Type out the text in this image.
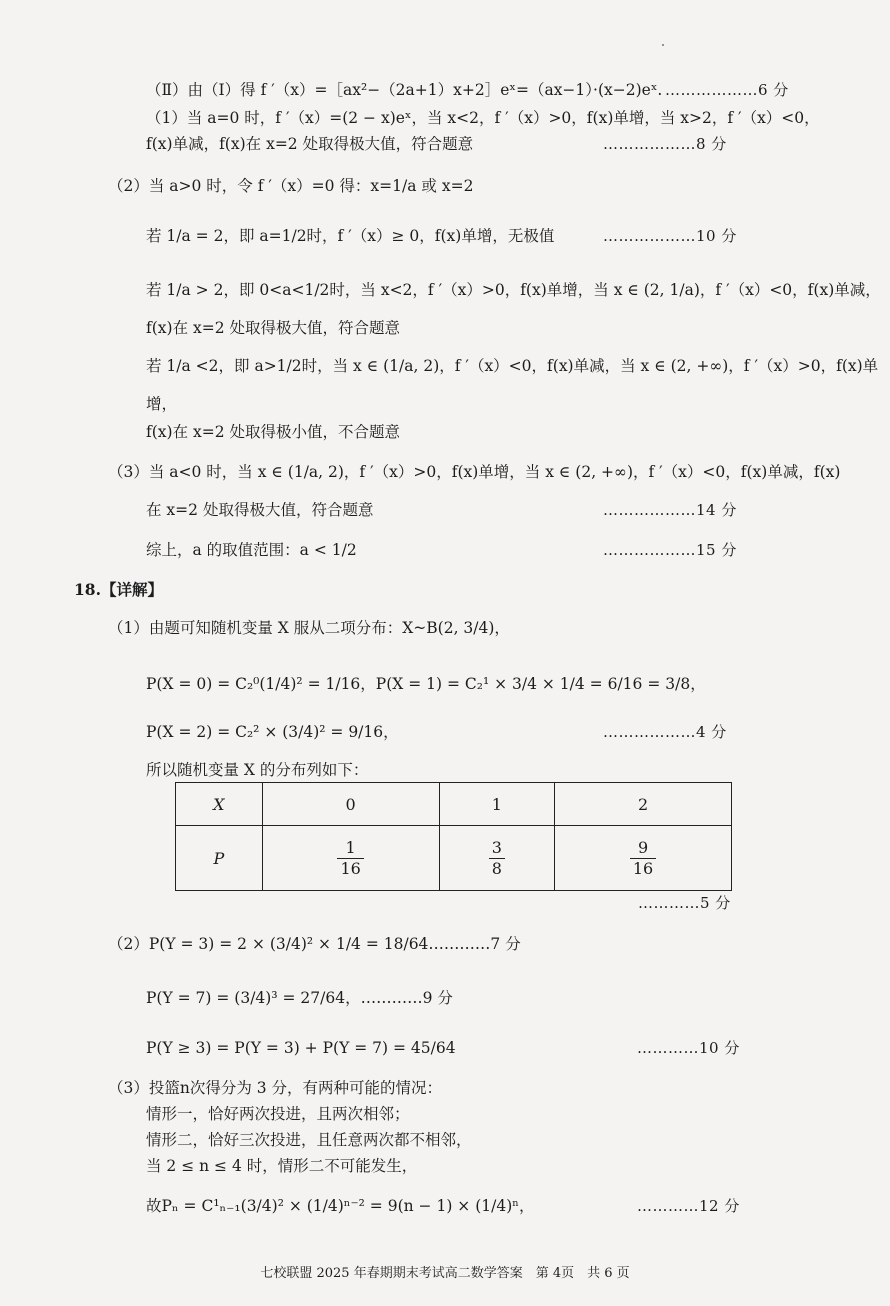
（Ⅱ）由（Ⅰ）得 f ′（x）=［ax²−（2a+1）x+2］eˣ=（ax−1）·(x−2)eˣ. ………………6 分
（1）当 a=0 时，f ′（x）=(2 − x)eˣ，当 x<2，f ′（x）>0，f(x)单增，当 x>2，f ′（x）<0，
f(x)单减，f(x)在 x=2 处取得极大值，符合题意	………………8 分
（2）当 a>0 时，令 f ′（x）=0 得：x=1/a 或 x=2
若 1/a = 2，即 a=1/2时，f ′（x）≥ 0，f(x)单增，无极值	………………10 分
若 1/a > 2，即 0<a<1/2时，当 x<2，f ′（x）>0，f(x)单增，当 x ∈ (2, 1/a)，f ′（x）<0，f(x)单减，
f(x)在 x=2 处取得极大值，符合题意
若 1/a <2，即 a>1/2时，当 x ∈ (1/a, 2)，f ′（x）<0，f(x)单减，当 x ∈ (2, +∞)，f ′（x）>0，f(x)单
增，
f(x)在 x=2 处取得极小值，不合题意
（3）当 a<0 时，当 x ∈ (1/a, 2)，f ′（x）>0，f(x)单增，当 x ∈ (2, +∞)，f ′（x）<0，f(x)单减，f(x)
在 x=2 处取得极大值，符合题意	………………14 分
综上，a 的取值范围：a < 1/2	………………15 分
18.【详解】
（1）由题可知随机变量 X 服从二项分布：X~B(2, 3/4)，
P(X = 0) = C₂⁰(1/4)² = 1/16，P(X = 1) = C₂¹ × 3/4 × 1/4 = 6/16 = 3/8，
P(X = 2) = C₂² × (3/4)² = 9/16，	………………4 分
所以随机变量 X 的分布列如下：
X	0	1	2
P	$\frac{1}{16}$	$\frac{3}{8}$	$\frac{9}{16}$
…………5 分
（2）P(Y = 3) = 2 × (3/4)² × 1/4 = 18/64…………7 分
P(Y = 7) = (3/4)³ = 27/64，…………9 分
P(Y ≥ 3) = P(Y = 3) + P(Y = 7) = 45/64	…………10 分
（3）投篮n次得分为 3 分，有两种可能的情况：
情形一，恰好两次投进，且两次相邻；
情形二，恰好三次投进，且任意两次都不相邻，
当 2 ≤ n ≤ 4 时，情形二不可能发生，
故Pₙ = C¹ₙ₋₁(3/4)² × (1/4)ⁿ⁻² = 9(n − 1) × (1/4)ⁿ，	…………12 分
七校联盟 2025 年春期期末考试高二数学答案　第 4页　共 6 页
